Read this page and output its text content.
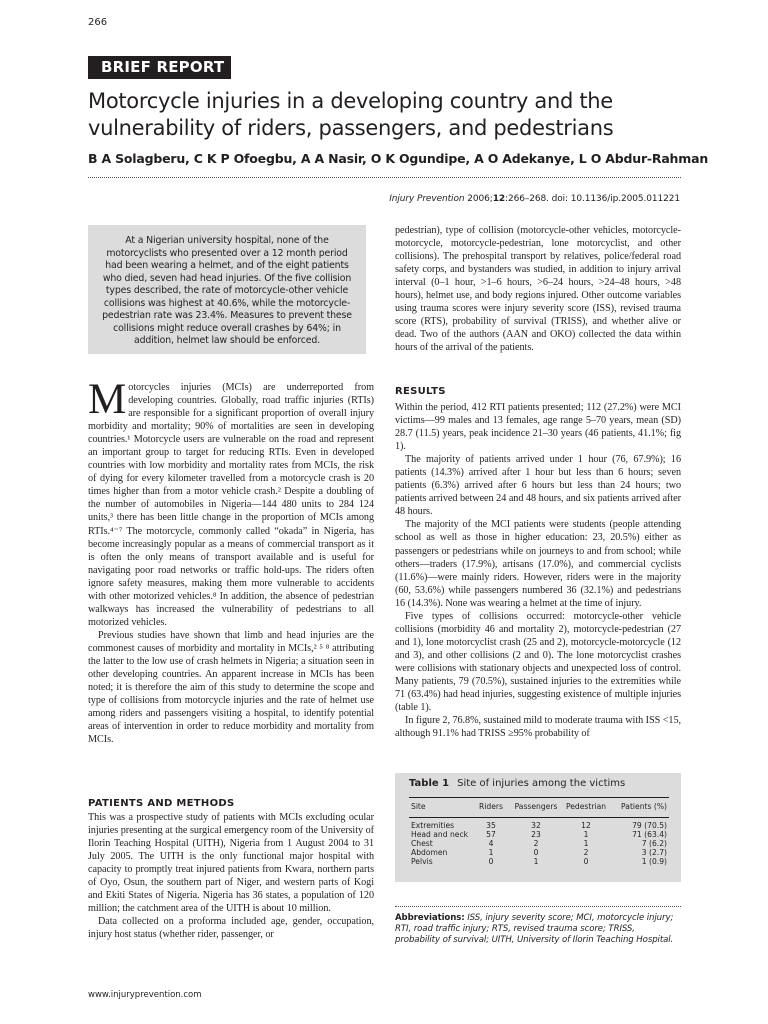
266
BRIEF REPORT
Motorcycle injuries in a developing country and the vulnerability of riders, passengers, and pedestrians
B A Solagberu, C K P Ofoegbu, A A Nasir, O K Ogundipe, A O Adekanye, L O Abdur-Rahman
Injury Prevention 2006;12:266–268. doi: 10.1136/ip.2005.011221
At a Nigerian university hospital, none of the motorcyclists who presented over a 12 month period had been wearing a helmet, and of the eight patients who died, seven had head injuries. Of the five collision types described, the rate of motorcycle-other vehicle collisions was highest at 40.6%, while the motorcycle-pedestrian rate was 23.4%. Measures to prevent these collisions might reduce overall crashes by 64%; in addition, helmet law should be enforced.

Motorcycles injuries (MCIs) are underreported from developing countries. Globally, road traffic injuries (RTIs) are responsible for a significant proportion of overall injury morbidity and mortality; 90% of mortalities are seen in developing countries.¹ Motorcycle users are vulnerable on the road and represent an important group to target for reducing RTIs. Even in developed countries with low morbidity and mortality rates from MCIs, the risk of dying for every kilometer travelled from a motorcycle crash is 20 times higher than from a motor vehicle crash.² Despite a doubling of the number of automobiles in Nigeria—144 480 units to 284 124 units,³ there has been little change in the proportion of MCIs among RTIs.⁴⁻⁷ The motorcycle, commonly called “okada” in Nigeria, has become increasingly popular as a means of commercial transport as it is often the only means of transport available and is useful for navigating poor road networks or traffic hold-ups. The riders often ignore safety measures, making them more vulnerable to accidents with other motorized vehicles.⁸ In addition, the absence of pedestrian walkways has increased the vulnerability of pedestrians to all motorized vehicles.

Previous studies have shown that limb and head injuries are the commonest causes of morbidity and mortality in MCIs,² ⁵ ⁸ attributing the latter to the low use of crash helmets in Nigeria; a situation seen in other developing countries. An apparent increase in MCIs has been noted; it is therefore the aim of this study to determine the scope and type of collisions from motorcycle injuries and the rate of helmet use among riders and passengers visiting a hospital, to identify potential areas of intervention in order to reduce morbidity and mortality from MCIs.

PATIENTS AND METHODS

This was a prospective study of patients with MCIs excluding ocular injuries presenting at the surgical emergency room of the University of Ilorin Teaching Hospital (UITH), Nigeria from 1 August 2004 to 31 July 2005. The UITH is the only functional major hospital with capacity to promptly treat injured patients from Kwara, northern parts of Oyo, Osun, the southern part of Niger, and western parts of Kogi and Ekiti States of Nigeria. Nigeria has 36 states, a population of 120 million; the catchment area of the UITH is about 10 million.

Data collected on a proforma included age, gender, occupation, injury host status (whether rider, passenger, or

pedestrian), type of collision (motorcycle-other vehicles, motorcycle-motorcycle, motorcycle-pedestrian, lone motorcyclist, and other collisions). The prehospital transport by relatives, police/federal road safety corps, and bystanders was studied, in addition to injury arrival interval (0–1 hour, >1–6 hours, >6–24 hours, >24–48 hours, >48 hours), helmet use, and body regions injured. Other outcome variables using trauma scores were injury severity score (ISS), revised trauma score (RTS), probability of survival (TRISS), and whether alive or dead. Two of the authors (AAN and OKO) collected the data within hours of the arrival of the patients.

RESULTS

Within the period, 412 RTI patients presented; 112 (27.2%) were MCI victims—99 males and 13 females, age range 5–70 years, mean (SD) 28.7 (11.5) years, peak incidence 21–30 years (46 patients, 41.1%; fig 1).

The majority of patients arrived under 1 hour (76, 67.9%); 16 patients (14.3%) arrived after 1 hour but less than 6 hours; seven patients (6.3%) arrived after 6 hours but less than 24 hours; two patients arrived between 24 and 48 hours, and six patients arrived after 48 hours.

The majority of the MCI patients were students (people attending school as well as those in higher education: 23, 20.5%) either as passengers or pedestrians while on journeys to and from school; while others—traders (17.9%), artisans (17.0%), and commercial cyclists (11.6%)—were mainly riders. However, riders were in the majority (60, 53.6%) while passengers numbered 36 (32.1%) and pedestrians 16 (14.3%). None was wearing a helmet at the time of injury.

Five types of collisions occurred: motorcycle-other vehicle collisions (morbidity 46 and mortality 2), motorcycle-pedestrian (27 and 1), lone motorcyclist crash (25 and 2), motorcycle-motorcycle (12 and 3), and other collisions (2 and 0). The lone motorcyclist crashes were collisions with stationary objects and unexpected loss of control. Many patients, 79 (70.5%), sustained injuries to the extremities while 71 (63.4%) had head injuries, suggesting existence of multiple injuries (table 1).

In figure 2, 76.8%, sustained mild to moderate trauma with ISS <15, although 91.1% had TRISS ≥95% probability of

Table 1 Site of injuries among the victims
Site	Riders	Passengers	Pedestrian	Patients (%)
Extremities	35	32	12	79 (70.5)
Head and neck	57	23	1	71 (63.4)
Chest	4	2	1	7 (6.2)
Abdomen	1	0	2	3 (2.7)
Pelvis	0	1	0	1 (0.9)
Abbreviations: ISS, injury severity score; MCI, motorcycle injury; RTI, road traffic injury; RTS, revised trauma score; TRISS, probability of survival; UITH, University of Ilorin Teaching Hospital.
www.injuryprevention.com
